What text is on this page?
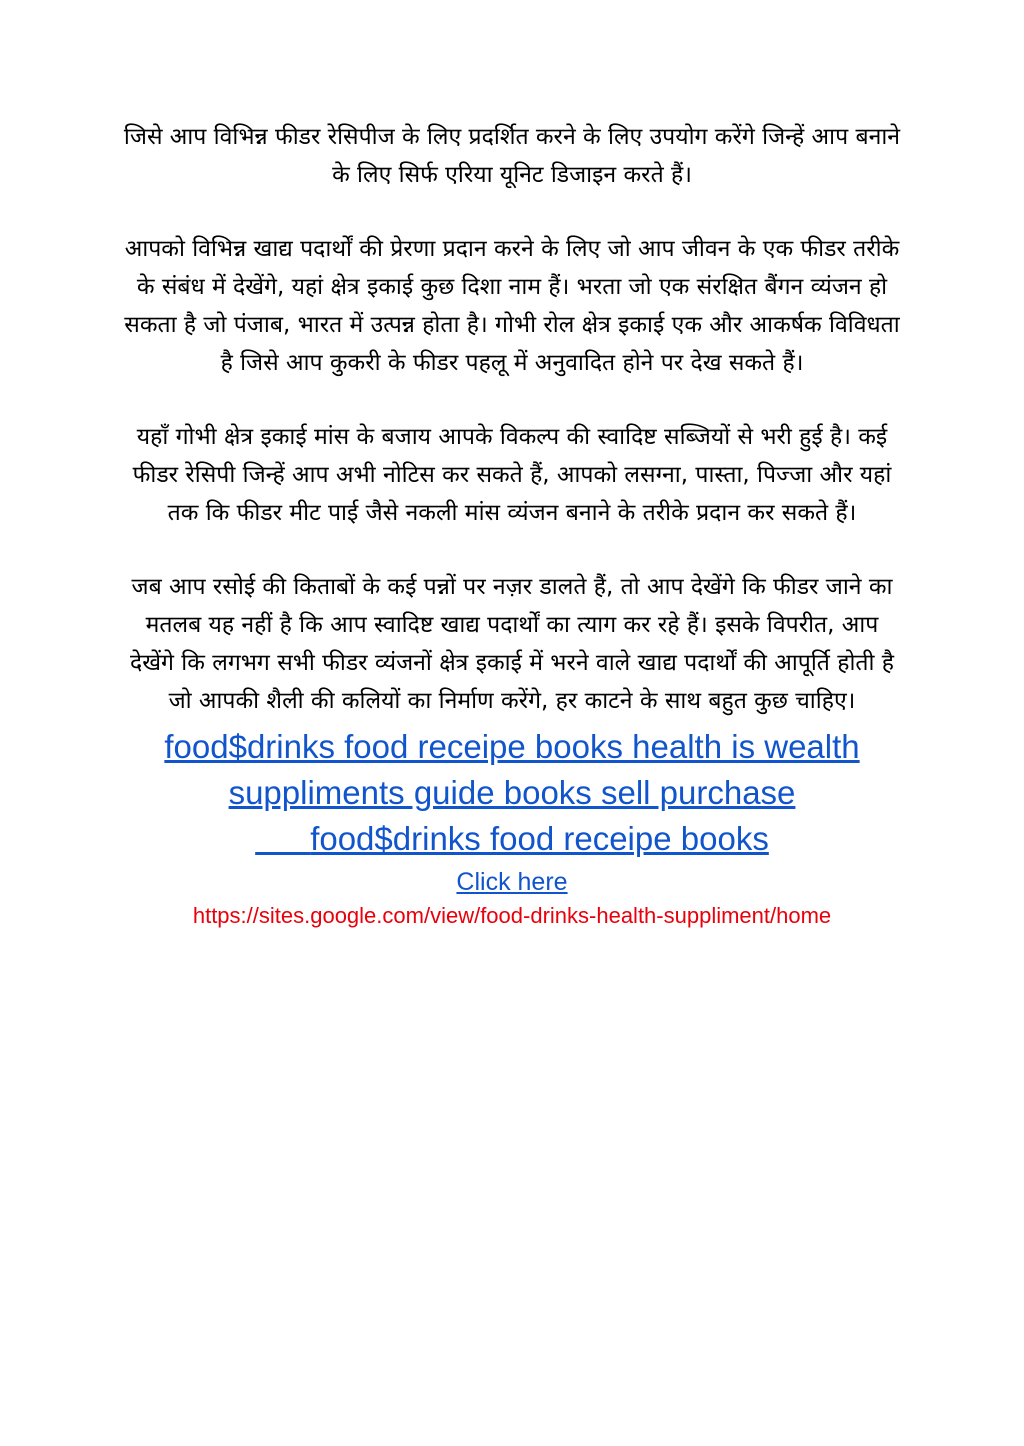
जिसे आप विभिन्न फीडर रेसिपीज के लिए प्रदर्शित करने के लिए उपयोग करेंगे जिन्हें आप बनाने के लिए सिर्फ एरिया यूनिट डिजाइन करते हैं।

आपको विभिन्न खाद्य पदार्थों की प्रेरणा प्रदान करने के लिए जो आप जीवन के एक फीडर तरीके के संबंध में देखेंगे, यहां क्षेत्र इकाई कुछ दिशा नाम हैं। भरता जो एक संरक्षित बैंगन व्यंजन हो सकता है जो पंजाब, भारत में उत्पन्न होता है। गोभी रोल क्षेत्र इकाई एक और आकर्षक विविधता है जिसे आप कुकरी के फीडर पहलू में अनुवादित होने पर देख सकते हैं।

यहाँ गोभी क्षेत्र इकाई मांस के बजाय आपके विकल्प की स्वादिष्ट सब्जियों से भरी हुई है। कई फीडर रेसिपी जिन्हें आप अभी नोटिस कर सकते हैं, आपको लसग्ना, पास्ता, पिज्जा और यहां तक कि फीडर मीट पाई जैसे नकली मांस व्यंजन बनाने के तरीके प्रदान कर सकते हैं।

जब आप रसोई की किताबों के कई पन्नों पर नज़र डालते हैं, तो आप देखेंगे कि फीडर जाने का मतलब यह नहीं है कि आप स्वादिष्ट खाद्य पदार्थों का त्याग कर रहे हैं। इसके विपरीत, आप देखेंगे कि लगभग सभी फीडर व्यंजनों क्षेत्र इकाई में भरने वाले खाद्य पदार्थों की आपूर्ति होती है जो आपकी शैली की कलियों का निर्माण करेंगे, हर काटने के साथ बहुत कुछ चाहिए।

food$drinks food receipe books health is wealth
suppliments guide books sell purchase
food$drinks food receipe books
Click here
https://sites.google.com/view/food-drinks-health-suppliment/home
